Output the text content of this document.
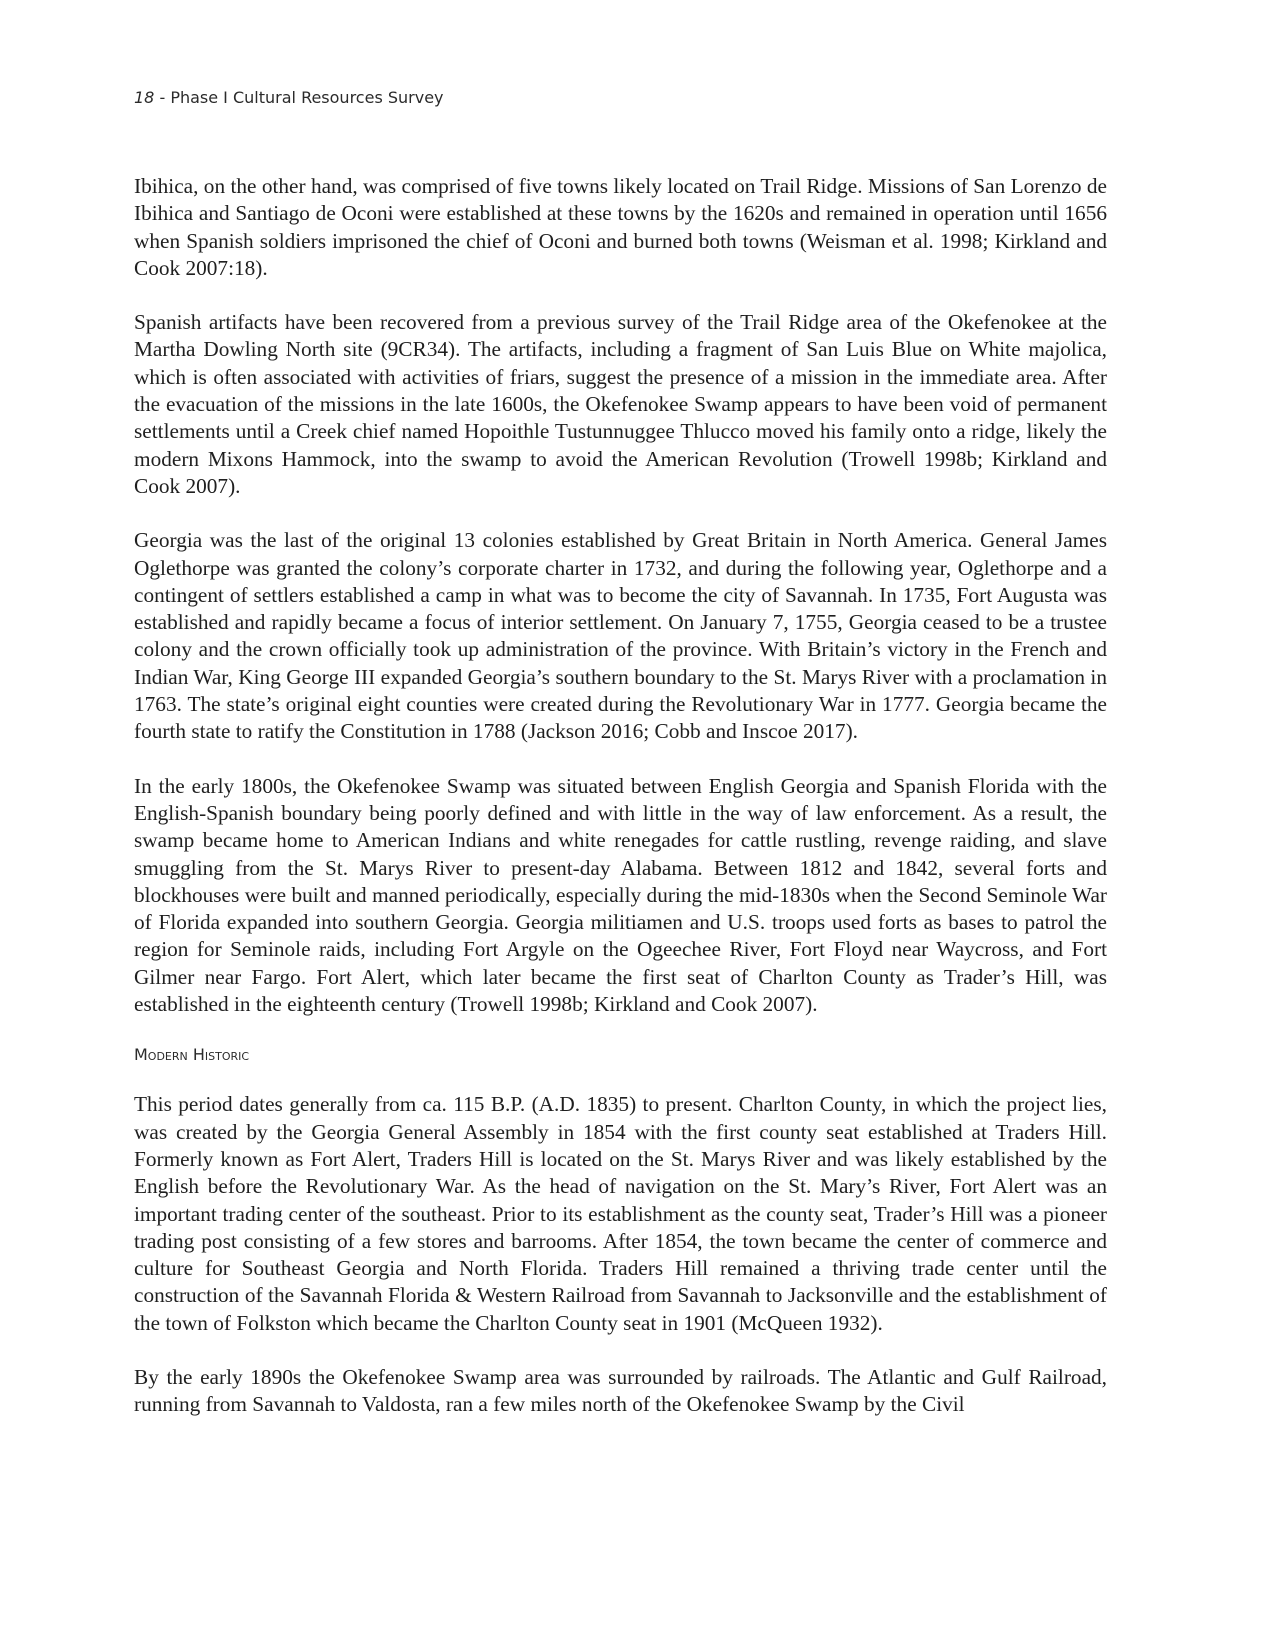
18 - Phase I Cultural Resources Survey

Ibihica, on the other hand, was comprised of five towns likely located on Trail Ridge. Missions of San Lorenzo de Ibihica and Santiago de Oconi were established at these towns by the 1620s and remained in operation until 1656 when Spanish soldiers imprisoned the chief of Oconi and burned both towns (Weisman et al. 1998; Kirkland and Cook 2007:18).

Spanish artifacts have been recovered from a previous survey of the Trail Ridge area of the Okefenokee at the Martha Dowling North site (9CR34). The artifacts, including a fragment of San Luis Blue on White majolica, which is often associated with activities of friars, suggest the presence of a mission in the immediate area. After the evacuation of the missions in the late 1600s, the Okefenokee Swamp appears to have been void of permanent settlements until a Creek chief named Hopoithle Tustunnuggee Thlucco moved his family onto a ridge, likely the modern Mixons Hammock, into the swamp to avoid the American Revolution (Trowell 1998b; Kirkland and Cook 2007).

Georgia was the last of the original 13 colonies established by Great Britain in North America. General James Oglethorpe was granted the colony’s corporate charter in 1732, and during the following year, Oglethorpe and a contingent of settlers established a camp in what was to become the city of Savannah. In 1735, Fort Augusta was established and rapidly became a focus of interior settlement. On January 7, 1755, Georgia ceased to be a trustee colony and the crown officially took up administration of the province. With Britain’s victory in the French and Indian War, King George III expanded Georgia’s southern boundary to the St. Marys River with a proclamation in 1763. The state’s original eight counties were created during the Revolutionary War in 1777. Georgia became the fourth state to ratify the Constitution in 1788 (Jackson 2016; Cobb and Inscoe 2017).

In the early 1800s, the Okefenokee Swamp was situated between English Georgia and Spanish Florida with the English-Spanish boundary being poorly defined and with little in the way of law enforcement. As a result, the swamp became home to American Indians and white renegades for cattle rustling, revenge raiding, and slave smuggling from the St. Marys River to present-day Alabama. Between 1812 and 1842, several forts and blockhouses were built and manned periodically, especially during the mid-1830s when the Second Seminole War of Florida expanded into southern Georgia. Georgia militiamen and U.S. troops used forts as bases to patrol the region for Seminole raids, including Fort Argyle on the Ogeechee River, Fort Floyd near Waycross, and Fort Gilmer near Fargo. Fort Alert, which later became the first seat of Charlton County as Trader’s Hill, was established in the eighteenth century (Trowell 1998b; Kirkland and Cook 2007).

Modern Historic

This period dates generally from ca. 115 B.P. (A.D. 1835) to present. Charlton County, in which the project lies, was created by the Georgia General Assembly in 1854 with the first county seat established at Traders Hill. Formerly known as Fort Alert, Traders Hill is located on the St. Marys River and was likely established by the English before the Revolutionary War. As the head of navigation on the St. Mary’s River, Fort Alert was an important trading center of the southeast. Prior to its establishment as the county seat, Trader’s Hill was a pioneer trading post consisting of a few stores and barrooms. After 1854, the town became the center of commerce and culture for Southeast Georgia and North Florida. Traders Hill remained a thriving trade center until the construction of the Savannah Florida & Western Railroad from Savannah to Jacksonville and the establishment of the town of Folkston which became the Charlton County seat in 1901 (McQueen 1932).

By the early 1890s the Okefenokee Swamp area was surrounded by railroads. The Atlantic and Gulf Railroad, running from Savannah to Valdosta, ran a few miles north of the Okefenokee Swamp by the Civil
